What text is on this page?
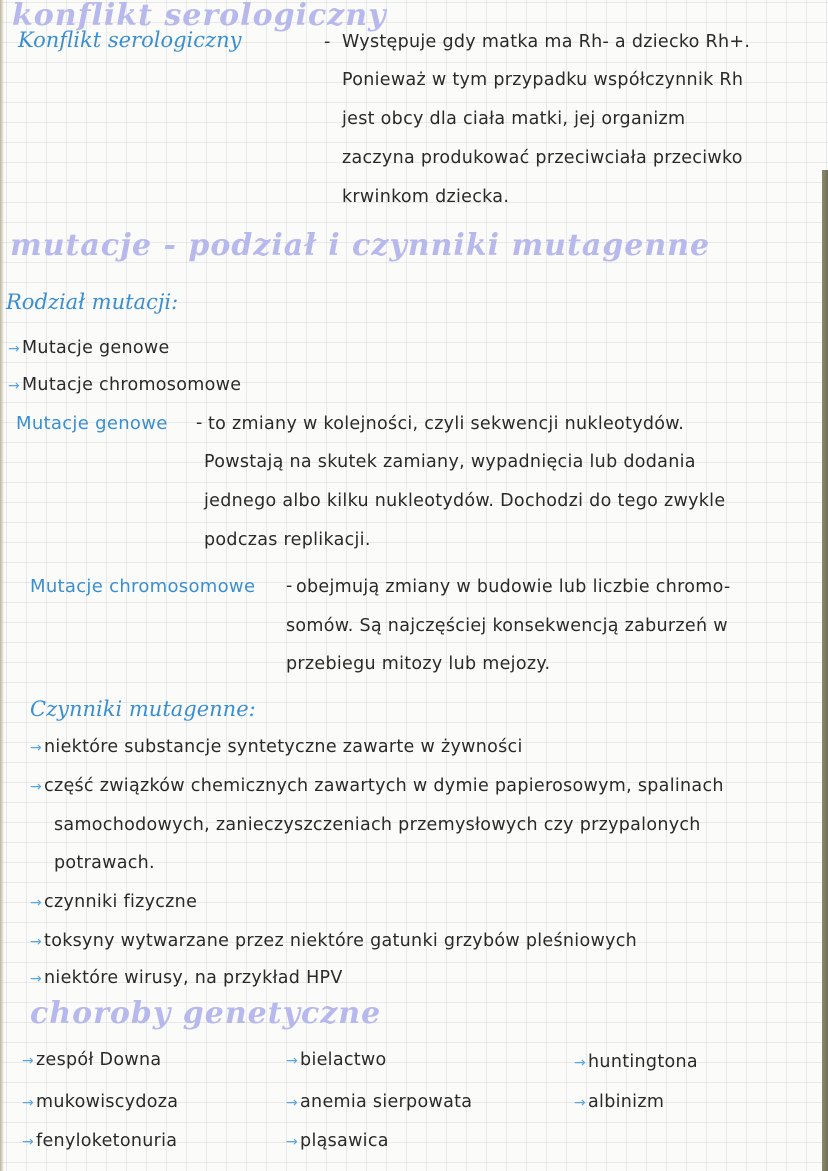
konflikt serologiczny
Konflikt serologiczny	- Występuje gdy matka ma Rh- a dziecko Rh+.
Ponieważ w tym przypadku współczynnik Rh
jest obcy dla ciała matki, jej organizm
zaczyna produkować przeciwciała przeciwko
krwinkom dziecka.
mutacje - podział i czynniki mutagenne
Rodział mutacji:
→ Mutacje genowe
→ Mutacje chromosomowe
Mutacje genowe - to zmiany w kolejności, czyli sekwencji nukleotydów.
Powstają na skutek zamiany, wypadnięcia lub dodania
jednego albo kilku nukleotydów. Dochodzi do tego zwykle
podczas replikacji.
Mutacje chromosomowe - obejmują zmiany w budowie lub liczbie chromo-
somów. Są najczęściej konsekwencją zaburzeń w
przebiegu mitozy lub mejozy.
Czynniki mutagenne:
→ niektóre substancje syntetyczne zawarte w żywności
→ część związków chemicznych zawartych w dymie papierosowym, spalinach
samochodowych, zanieczyszczeniach przemysłowych czy przypalonych
potrawach.
→ czynniki fizyczne
→ toksyny wytwarzane przez niektóre gatunki grzybów pleśniowych
→ niektóre wirusy, na przykład HPV
choroby genetyczne
→ zespół Downa
→ mukowiscydoza
→ fenyloketonuria
→ bielactwo
→ anemia sierpowata
→ pląsawica
→ huntingtona
→ albinizm
